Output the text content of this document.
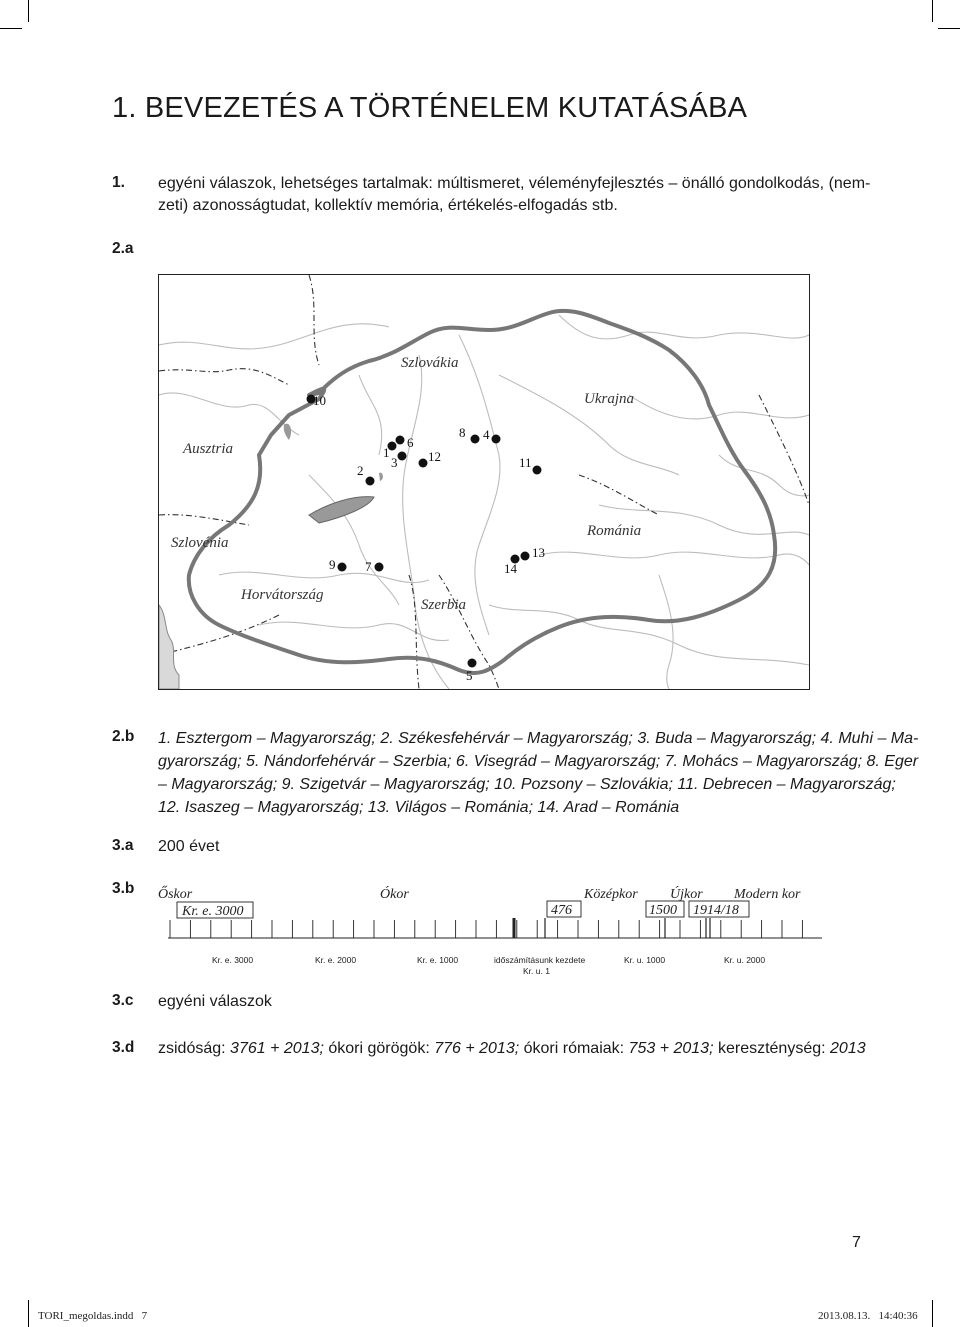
1. BEVEZETÉS A TÖRTÉNELEM KUTATÁSÁBA
1. egyéni válaszok, lehetséges tartalmak: múltismeret, véleményfejlesztés – önálló gondolkodás, (nem-
zeti) azonosságtudat, kollektív memória, értékelés-elfogadás stb.
2.a
Szlovákia
Ukrajna
Ausztria
Szlovénia
Románia
Horvátország
Szerbia
10
1
6
3 12
2
8 4
11
9 7
13
14
5
2.b 1. Esztergom – Magyarország; 2. Székesfehérvár – Magyarország; 3. Buda – Magyarország; 4. Muhi – Ma-
gyarország; 5. Nándorfehérvár – Szerbia; 6. Visegrád – Magyarország; 7. Mohács – Magyarország; 8. Eger
– Magyarország; 9. Szigetvár – Magyarország; 10. Pozsony – Szlovákia; 11. Debrecen – Magyarország;
12. Isaszeg – Magyarország; 13. Világos – Románia; 14. Arad – Románia
3.a 200 évet
3.b Őskor	Ókor	Középkor Újkor Modern kor
Kr. e. 3000	476	1500 1914/18
Kr. e. 3000	Kr. e. 2000	Kr. e. 1000	időszámításunk kezdete
Kr. u. 1
Kr. u. 1000	Kr. u. 2000
3.c egyéni válaszok
3.d zsidóság: 3761 + 2013; ókori görögök: 776 + 2013; ókori rómaiak: 753 + 2013; kereszténység: 2013
7
TORI_megoldas.indd   7	2013.08.13.   14:40:36
